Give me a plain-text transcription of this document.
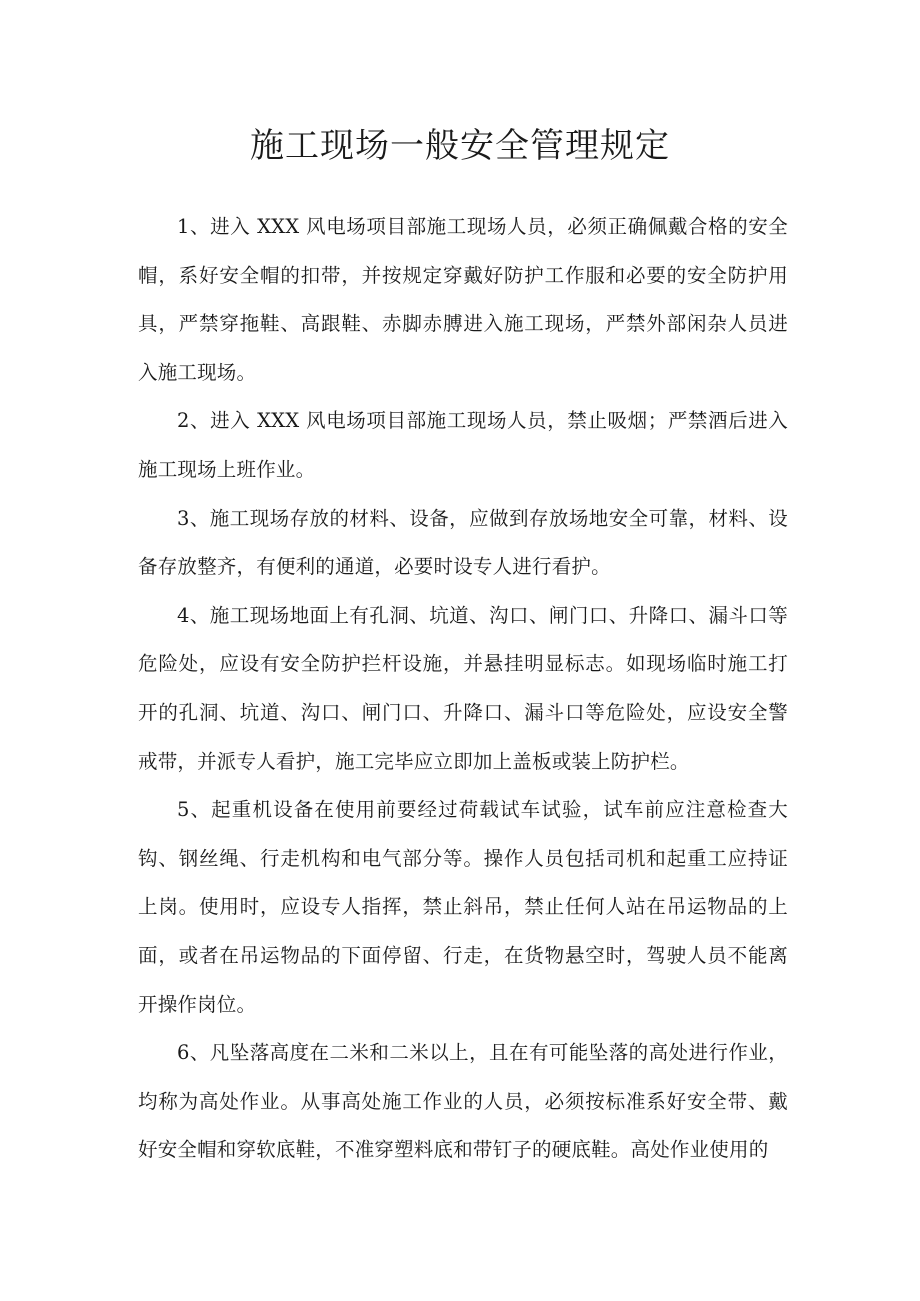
施工现场一般安全管理规定

1、进入 XXX 风电场项目部施工现场人员，必须正确佩戴合格的安全帽，系好安全帽的扣带，并按规定穿戴好防护工作服和必要的安全防护用具，严禁穿拖鞋、高跟鞋、赤脚赤膊进入施工现场，严禁外部闲杂人员进入施工现场。

2、进入 XXX 风电场项目部施工现场人员，禁止吸烟；严禁酒后进入施工现场上班作业。

3、施工现场存放的材料、设备，应做到存放场地安全可靠，材料、设备存放整齐，有便利的通道，必要时设专人进行看护。

4、施工现场地面上有孔洞、坑道、沟口、闸门口、升降口、漏斗口等危险处，应设有安全防护拦杆设施，并悬挂明显标志。如现场临时施工打开的孔洞、坑道、沟口、闸门口、升降口、漏斗口等危险处，应设安全警戒带，并派专人看护，施工完毕应立即加上盖板或装上防护栏。

5、起重机设备在使用前要经过荷载试车试验，试车前应注意检查大钩、钢丝绳、行走机构和电气部分等。操作人员包括司机和起重工应持证上岗。使用时，应设专人指挥，禁止斜吊，禁止任何人站在吊运物品的上面，或者在吊运物品的下面停留、行走，在货物悬空时，驾驶人员不能离开操作岗位。

6、凡坠落高度在二米和二米以上，且在有可能坠落的高处进行作业，均称为高处作业。从事高处施工作业的人员，必须按标准系好安全带、戴好安全帽和穿软底鞋，不准穿塑料底和带钉子的硬底鞋。高处作业使用的
